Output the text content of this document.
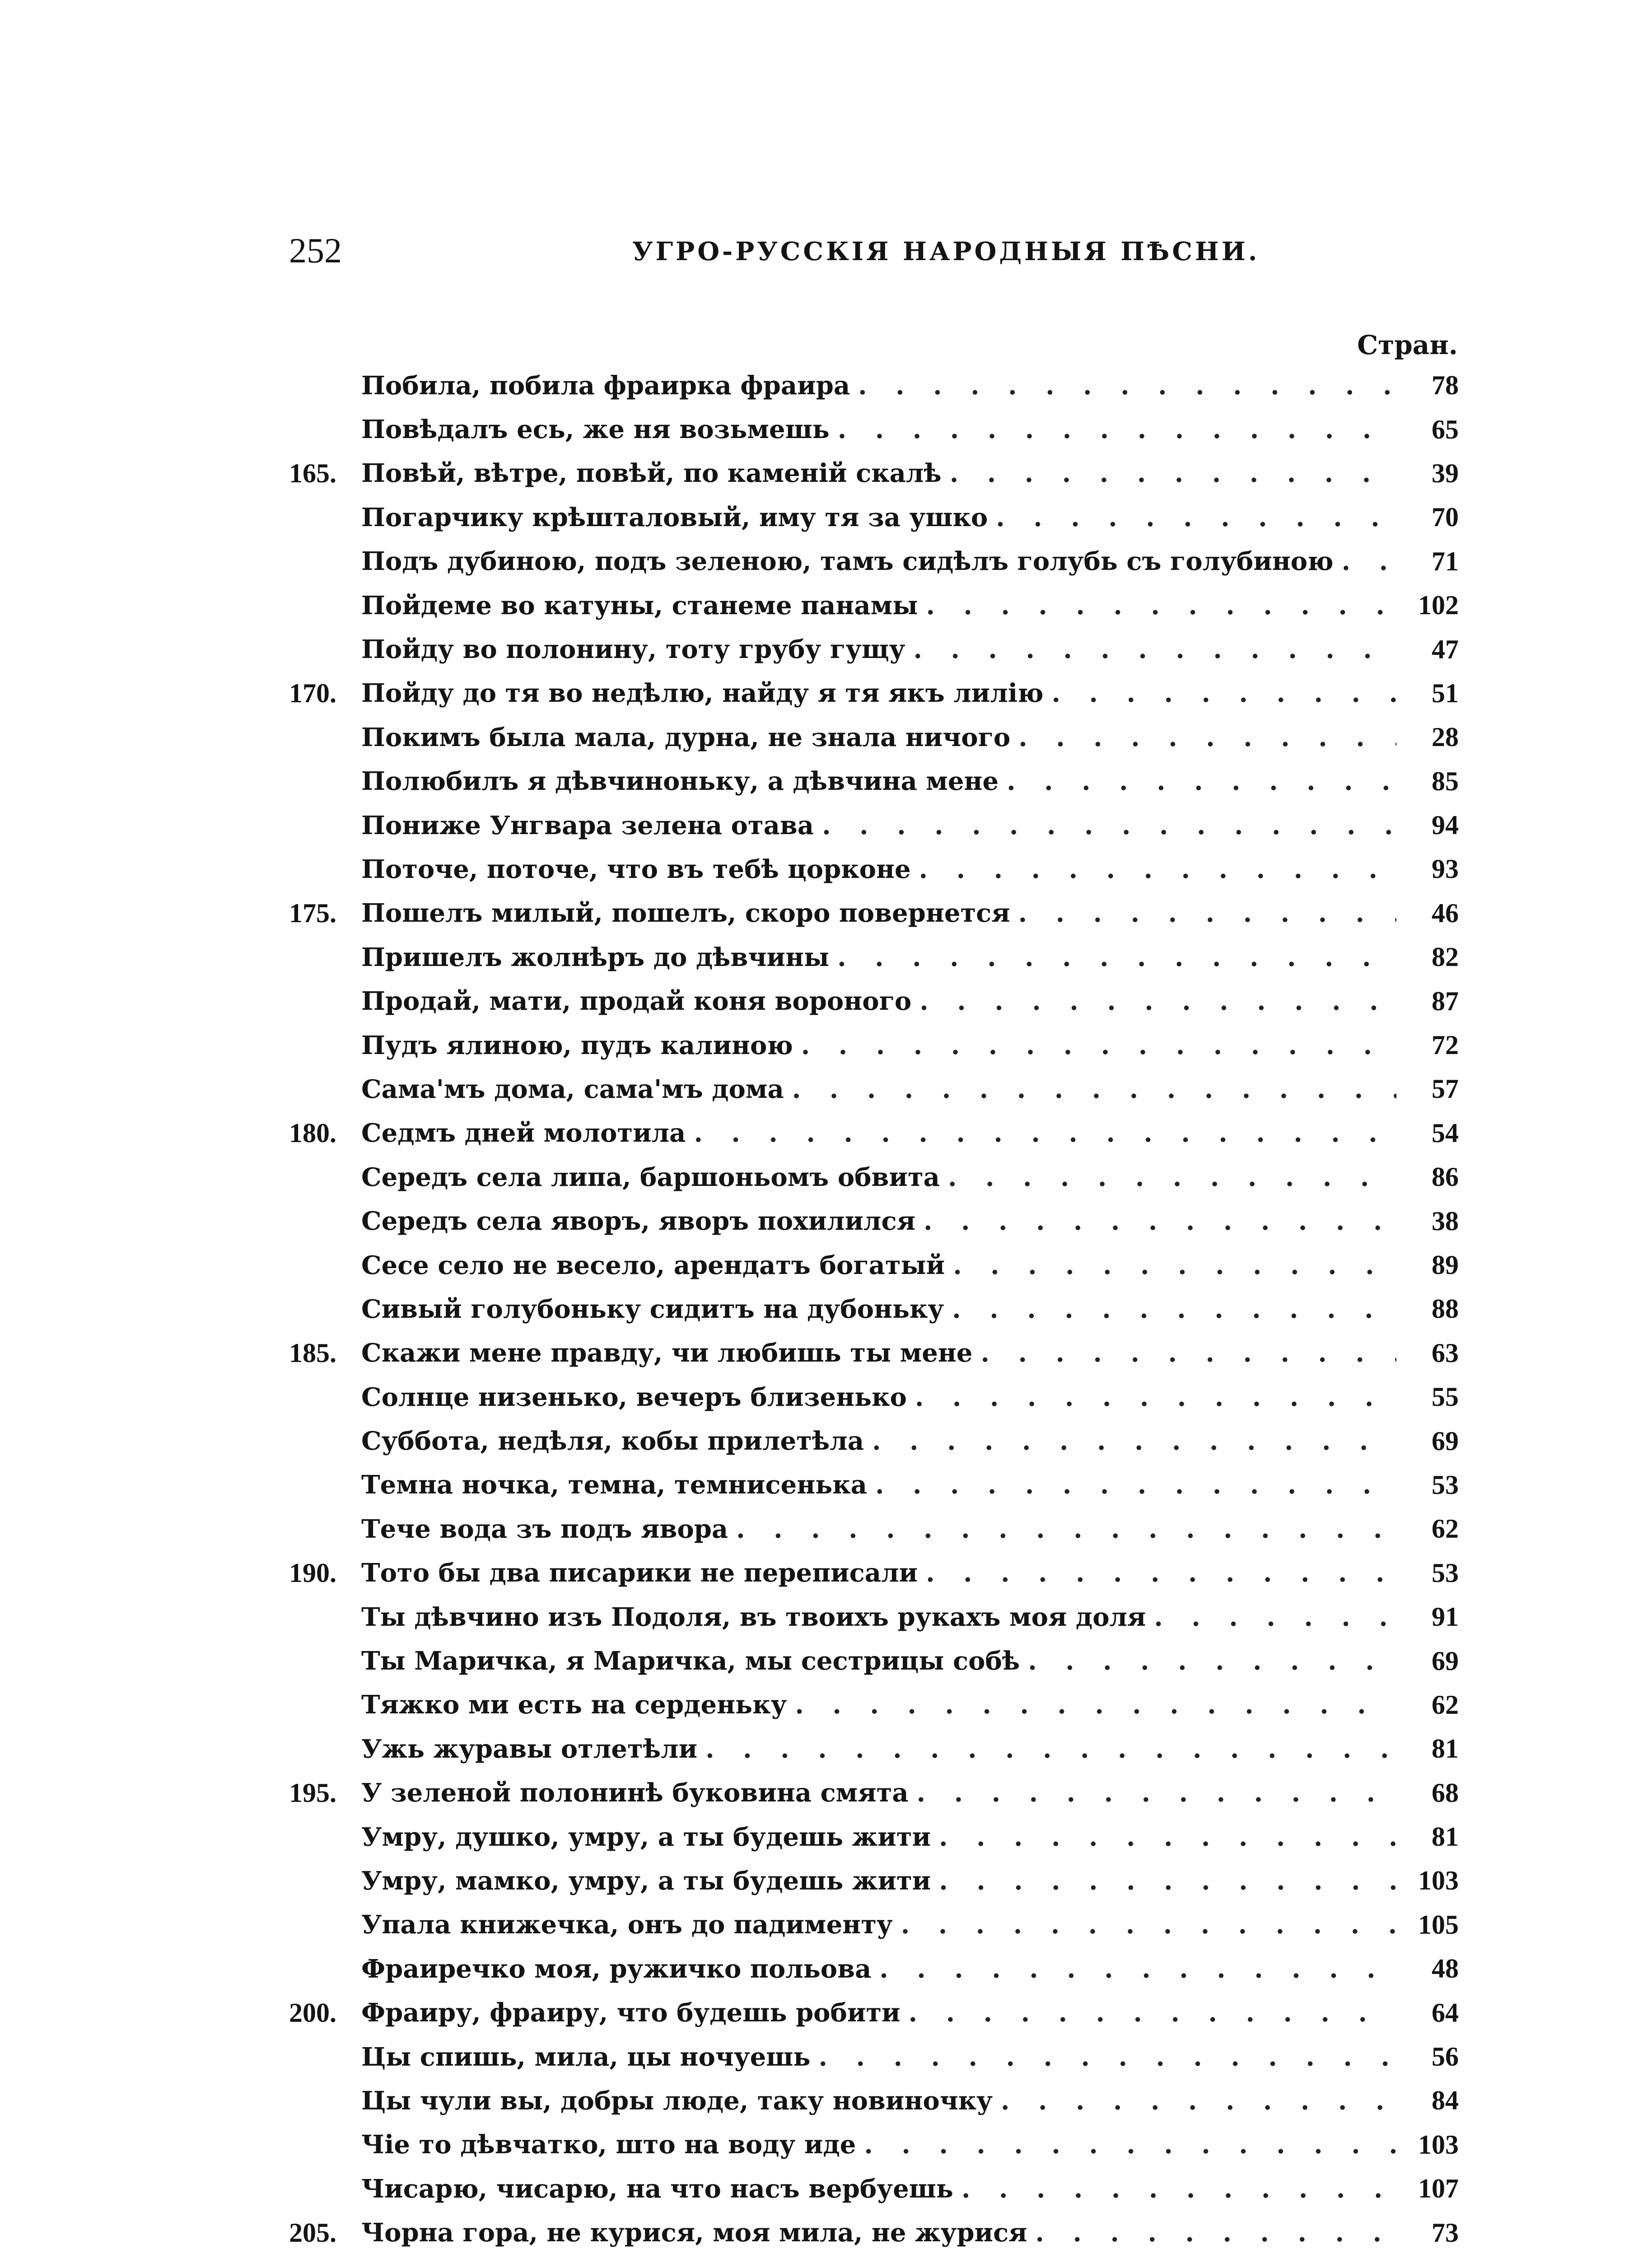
252	УГРО-РУССКІЯ НАРОДНЫЯ ПѢСНИ.
Стран.
Побила, побила фраирка фраира . . .	78
Повѣдалъ есь, же ня возьмешь . . .	65
165. Повѣй, вѣтре, повѣй, по каменій скалѣ . . .	39
Погарчику крѣшталовый, иму тя за ушко . . .	70
Подъ дубиною, подъ зеленою, тамъ сидѣлъ голубь съ голубиною . . .	71
Пойдеме во катуны, станеме панамы . . .	102
Пойду во полонину, тоту грубу гущу . . .	47
170. Пойду до тя во недѣлю, найду я тя якъ лилію . . .	51
Покимъ была мала, дурна, не знала ничого . . .	28
Полюбилъ я дѣвчиноньку, а дѣвчина мене . . .	85
Пониже Унгвара зелена отава . . .	94
Поточе, поточе, что въ тебѣ цорконе . . .	93
175. Пошелъ милый, пошелъ, скоро повернется . . .	46
Пришелъ жолнѣръ до дѣвчины . . .	82
Продай, мати, продай коня вороного . . .	87
Пудъ ялиною, пудъ калиною . . .	72
Сама'мъ дома, сама'мъ дома . . .	57
180. Седмъ дней молотила . . .	54
Середъ села липа, баршоньомъ обвита . . .	86
Середъ села яворъ, яворъ похилился . . .	38
Сесе село не весело, арендатъ богатый . . .	89
Сивый голубоньку сидитъ на дубоньку . . .	88
185. Скажи мене правду, чи любишь ты мене . . .	63
Солнце низенько, вечеръ близенько . . .	55
Суббота, недѣля, кобы прилетѣла . . .	69
Темна ночка, темна, темнисенька . . .	53
Тече вода зъ подъ явора . . .	62
190. Тото бы два писарики не переписали . . .	53
Ты дѣвчино изъ Подоля, въ твоихъ рукахъ моя доля . . .	91
Ты Маричка, я Маричка, мы сестрицы собѣ . . .	69
Тяжко ми есть на серденьку . . .	62
Ужь журавы отлетѣли . . .	81
195. У зеленой полонинѣ буковина смята . . .	68
Умру, душко, умру, а ты будешь жити . . .	81
Умру, мамко, умру, а ты будешь жити . . .	103
Упала книжечка, онъ до падименту . . .	105
Фраиречко моя, ружичко польова . . .	48
200. Фраиру, фраиру, что будешь робити . . .	64
Цы спишь, мила, цы ночуешь . . .	56
Цы чули вы, добры люде, таку новиночку . . .	84
Чіе то дѣвчатко, што на воду иде . . .	103
Чисарю, чисарю, на что насъ вербуешь . . .	107
205. Чорна гора, не курися, моя мила, не журися . . .	73
